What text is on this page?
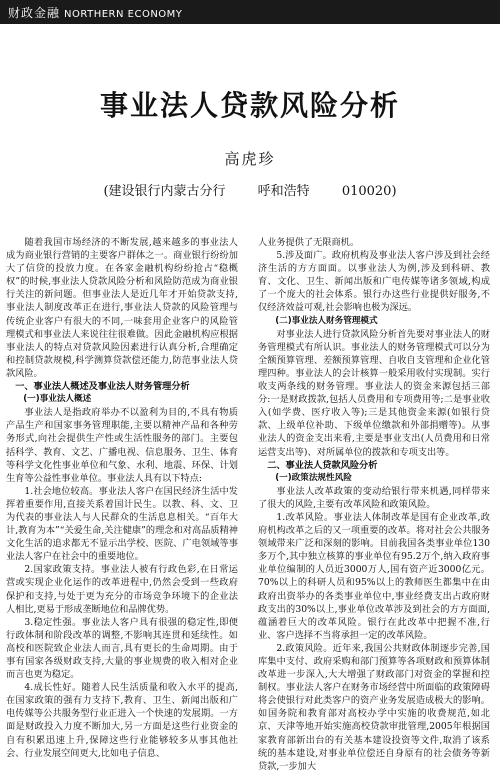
财政金融 NORTHERN ECONOMY
事业法人贷款风险分析
高虎珍
(建设银行内蒙古分行 呼和浩特 010020)

随着我国市场经济的不断发展,越来越多的事业法人成为商业银行营销的主要客户群体之一。商业银行纷纷加大了信贷的投放力度。在各家金融机构纷纷抢占“稳概权”的时候,事业法人贷款风险分析和风险防范成为商业银行关注的新问题。但事业法人是近几年才开始贷款支持,事业法人制度改革正在进行,事业法人贷款的风险管理与传统企业客户有很大的不同,一味套用企业客户的风险管理模式和事业法人来说往往很难做。因此金融机构应根据事业法人的特点对贷款风险因素进行认真分析,合理确定和控制贷款规模,科学测算贷款偿还能力,防范事业法人贷款风险。

一、事业法人概述及事业法人财务管理分析

(一)事业法人概述

事业法人是指政府举办不以盈利为目的,不具有物质产品生产和国家事务管理职能,主要以精神产品和各种劳务形式,向社会提供生产性或生活性服务的部门。主要包括科学、教育、文艺、广播电视、信息服务、卫生、体育等科学文化性事业单位和气象、水利、地震、环保、计划生育等公益性事业单位。事业法人具有以下特点:

1.社会地位较高。事业法人客户在国民经济生活中发挥着重要作用,直接关系着国计民生。以教、科、文、卫为代表的事业法人与人民群众的生活息息相关。“百年大计,教育为本”“关爱生命,关注健康”的理念和对高品质精神文化生活的追求都无不显示出学校、医院、广电领域等事业法人客户在社会中的重要地位。

2.国家政策支持。事业法人被有行政色彩,在日常运营或实现企业化运作的改革进程中,仍然会受到一些政府保护和支持,与处于更为充分的市场竞争环境下的企业法人相比,更易于形成垄断地位和品牌优势。

3.稳定性强。事业法人客户具有很强的稳定性,即便行政体制和阶段改革的调整,不影响其连贯和延续性。如高校和医院致企业法人而言,具有更长的生命周期。由于事有国家各级财政支持,大量的事业规费的收入相对企业而言也更为稳定。

4.成长性好。随着人民生活质量和收入水平的提高,在国家政策的强有力支持下,教育、卫生、新闻出版和广电传媒等公共服务型行业正进入一个快速的发展期。一方面是财政投入力度不断加大,另一方面是这些行业资金的自有积累迅速上升,保障这些行业能够较多从事其他社会、行业发展空间更大,比如电子信息、

人业务提供了无限商机。

5.涉及面广。政府机构及事业法人客户涉及到社会经济生活的方方面面。以事业法人为例,涉及到科研、教育、文化、卫生、新闻出版和广电传媒等诸多领域,构成了一个庞大的社会体系。银行办这些行业提供好服务,不仅经济效益可观,社会影响也极为深远。

(二)事业法人财务管理模式

对事业法人进行贷款风险分析首先要对事业法人的财务管理模式有所认识。事业法人的财务管理模式可以分为全额预算管理、差额预算管理、自收自支管理和企业化管理四种。事业法人的会计核算一般采用收付实现制。实行收支两条线的财务管理。事业法人的资金来源包括三部分:一是财政拨款,包括人员费用和专项费用等;二是事业收入(如学费、医疗收入等);三是其他资金来源(如银行贷款、上级单位补助、下级单位缴款和外部捐赠等)。从事业法人的资金支出来看,主要是事业支出(人员费用和日常运营支出等)、对所属单位的拨款和专项支出等。

二、事业法人贷款风险分析

(一)政策法规性风险

事业法人改革政策的变动给银行带来机遇,同样带来了很大的风险,主要有改革风险和政策风险。

1.改革风险。事业法人体制改革是国有企业改革,政府机构改革之后的又一项重要的改革。将对社会公共服务领域带来广泛和深刻的影响。目前我国各类事业单位130多万个,其中独立核算的事业单位有95.2万个,纳入政府事业单位编制的人员近3000万人,国有资产近3000亿元。70%以上的科研人员和95%以上的教师医生都集中在由政府出资举办的各类事业单位中,事业经费支出占政府财政支出的30%以上,事业单位改革涉及到社会的方方面面,蕴涵着巨大的改革风险。银行在此改革中把握不准,行业、客户选择不当将承担一定的改革风险。

2.政策风险。近年来,我国公共财政体制逐步完善,国库集中支付、政府采购和部门预算等各项财政和预算体制改革进一步深入,大大增强了财政部门对资金的掌握和控制权。事业法人客户在财务市场经营中所面临的政策障碍将会使银行对此类客户的资产业务发展造成极大的影响。如国务院和教育部对高校办学中实施的收费规范,如北京、天津等地开始实施高校贷款审批管理,2005年根据国家教育部新出台的有关基本建设投资等文件,取消了该系统的基本建设,对事业单位偿还自身原有的社会债务等新贷款,一步加大
